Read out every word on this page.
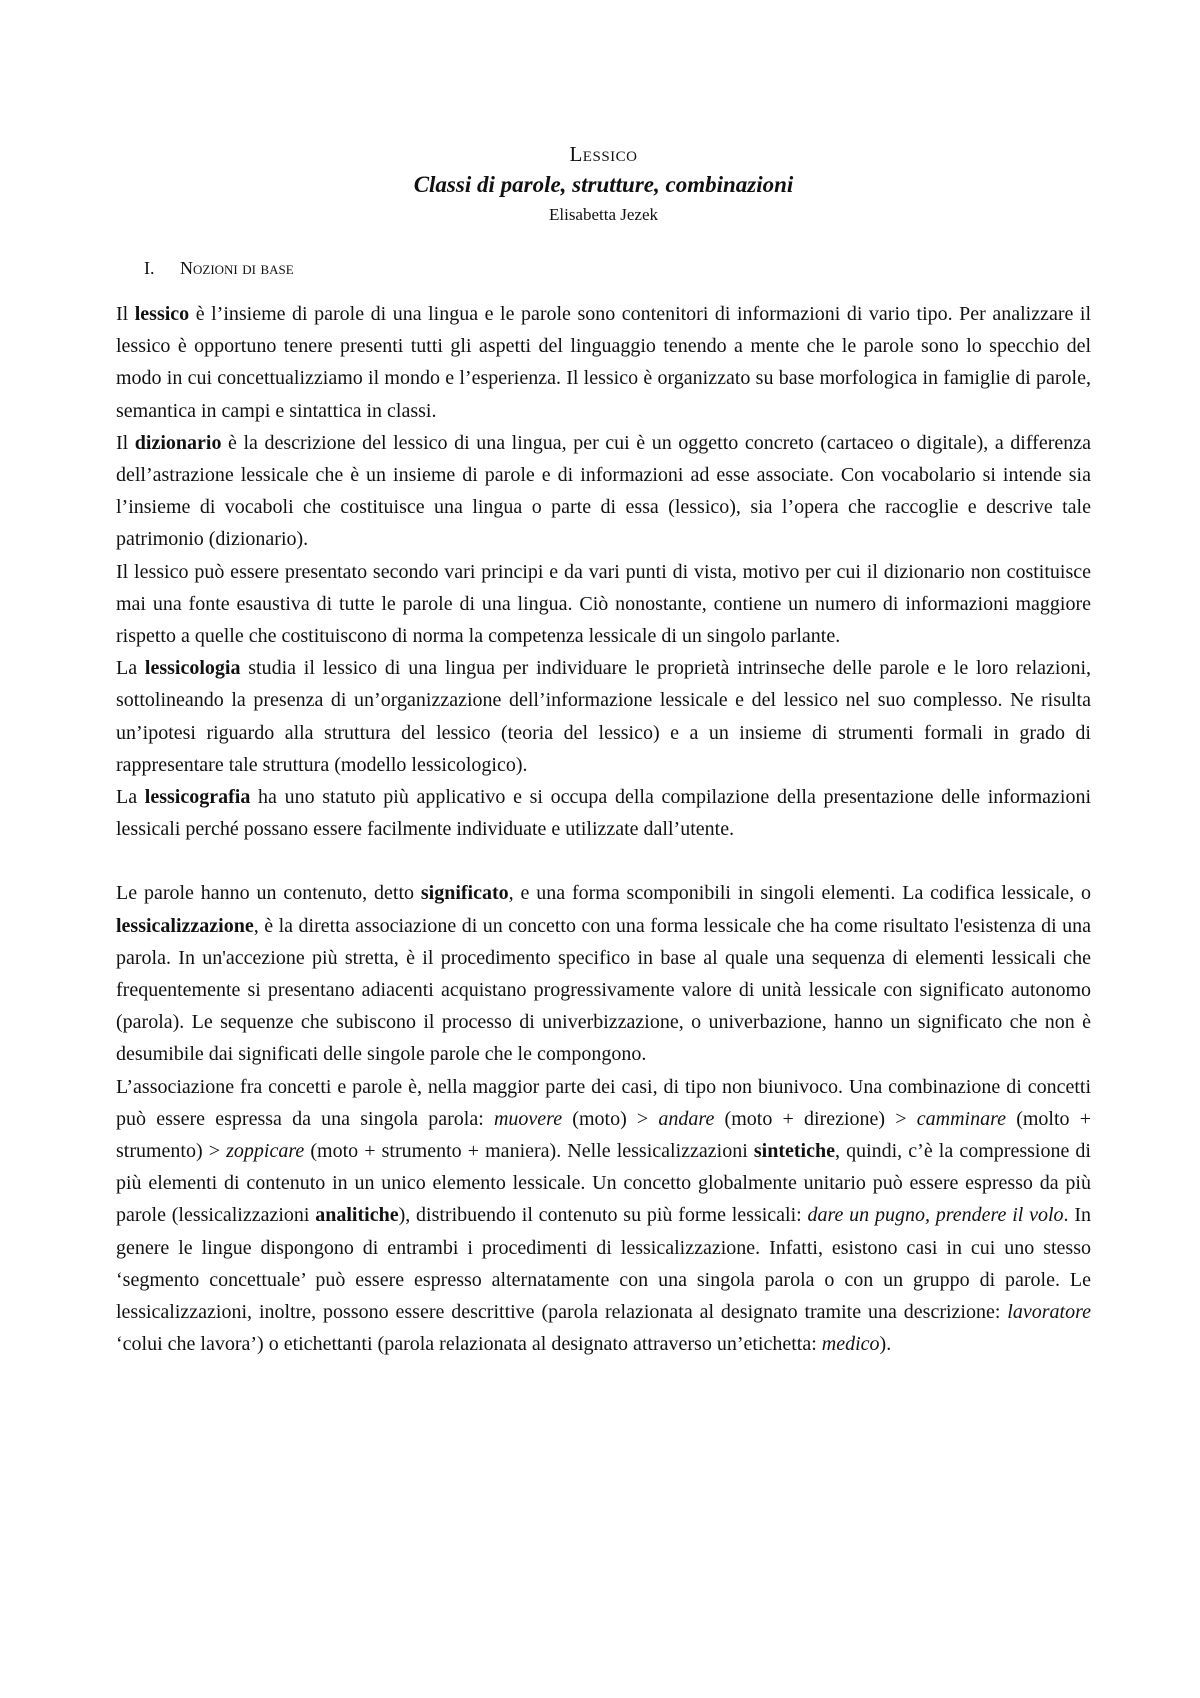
Lessico
Classi di parole, strutture, combinazioni
Elisabetta Jezek
I. Nozioni di base

Il lessico è l’insieme di parole di una lingua e le parole sono contenitori di informazioni di vario tipo. Per analizzare il lessico è opportuno tenere presenti tutti gli aspetti del linguaggio tenendo a mente che le parole sono lo specchio del modo in cui concettualizziamo il mondo e l’esperienza. Il lessico è organizzato su base morfologica in famiglie di parole, semantica in campi e sintattica in classi.

Il dizionario è la descrizione del lessico di una lingua, per cui è un oggetto concreto (cartaceo o digitale), a differenza dell’astrazione lessicale che è un insieme di parole e di informazioni ad esse associate. Con vocabolario si intende sia l’insieme di vocaboli che costituisce una lingua o parte di essa (lessico), sia l’opera che raccoglie e descrive tale patrimonio (dizionario).

Il lessico può essere presentato secondo vari principi e da vari punti di vista, motivo per cui il dizionario non costituisce mai una fonte esaustiva di tutte le parole di una lingua. Ciò nonostante, contiene un numero di informazioni maggiore rispetto a quelle che costituiscono di norma la competenza lessicale di un singolo parlante.

La lessicologia studia il lessico di una lingua per individuare le proprietà intrinseche delle parole e le loro relazioni, sottolineando la presenza di un’organizzazione dell’informazione lessicale e del lessico nel suo complesso. Ne risulta un’ipotesi riguardo alla struttura del lessico (teoria del lessico) e a un insieme di strumenti formali in grado di rappresentare tale struttura (modello lessicologico).

La lessicografia ha uno statuto più applicativo e si occupa della compilazione della presentazione delle informazioni lessicali perché possano essere facilmente individuate e utilizzate dall’utente.

Le parole hanno un contenuto, detto significato, e una forma scomponibili in singoli elementi. La codifica lessicale, o lessicalizzazione, è la diretta associazione di un concetto con una forma lessicale che ha come risultato l'esistenza di una parola. In un'accezione più stretta, è il procedimento specifico in base al quale una sequenza di elementi lessicali che frequentemente si presentano adiacenti acquistano progressivamente valore di unità lessicale con significato autonomo (parola). Le sequenze che subiscono il processo di univerbizzazione, o univerbazione, hanno un significato che non è desumibile dai significati delle singole parole che le compongono.

L’associazione fra concetti e parole è, nella maggior parte dei casi, di tipo non biunivoco. Una combinazione di concetti può essere espressa da una singola parola: muovere (moto) > andare (moto + direzione) > camminare (molto + strumento) > zoppicare (moto + strumento + maniera). Nelle lessicalizzazioni sintetiche, quindi, c’è la compressione di più elementi di contenuto in un unico elemento lessicale. Un concetto globalmente unitario può essere espresso da più parole (lessicalizzazioni analitiche), distribuendo il contenuto su più forme lessicali: dare un pugno, prendere il volo. In genere le lingue dispongono di entrambi i procedimenti di lessicalizzazione. Infatti, esistono casi in cui uno stesso ‘segmento concettuale’ può essere espresso alternatamente con una singola parola o con un gruppo di parole. Le lessicalizzazioni, inoltre, possono essere descrittive (parola relazionata al designato tramite una descrizione: lavoratore ‘colui che lavora’) o etichettanti (parola relazionata al designato attraverso un’etichetta: medico).
